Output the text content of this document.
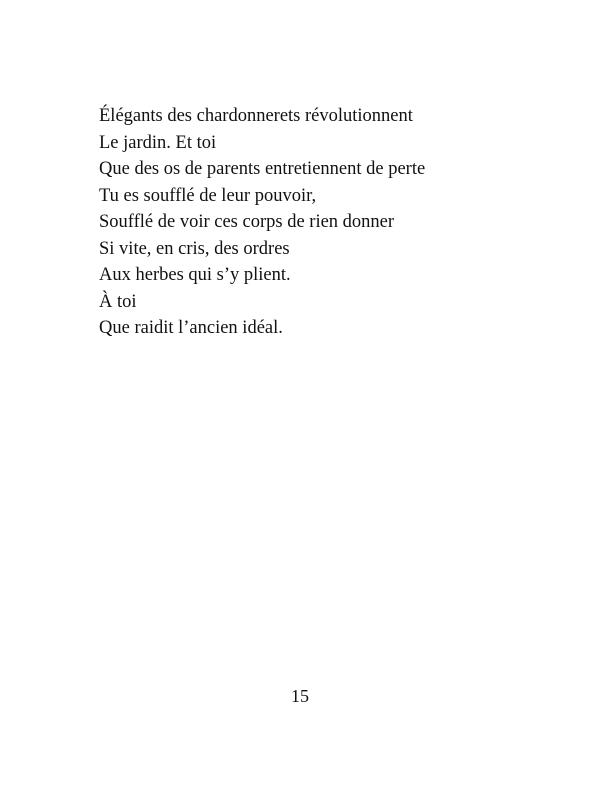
Élégants des chardonnerets révolutionnent
Le jardin. Et toi
Que des os de parents entretiennent de perte
Tu es soufflé de leur pouvoir,
Soufflé de voir ces corps de rien donner
Si vite, en cris, des ordres
Aux herbes qui s’y plient.
À toi
Que raidit l’ancien idéal.
15
